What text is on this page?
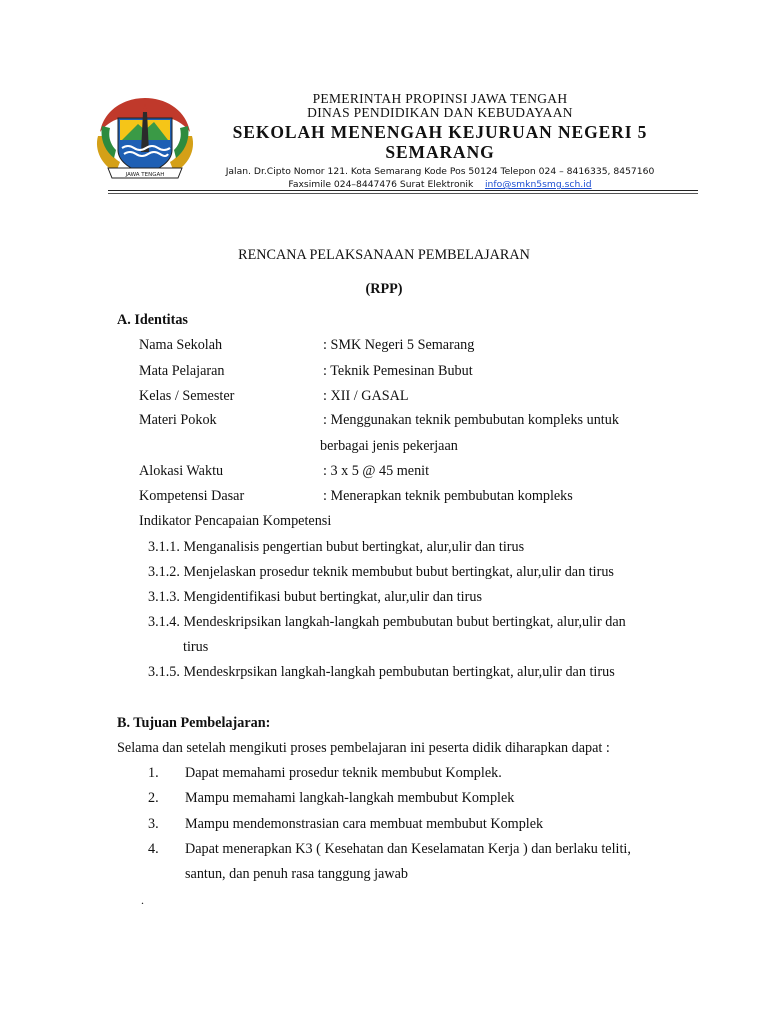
JAWA TENGAH
PEMERINTAH PROPINSI JAWA TENGAH
DINAS PENDIDIKAN DAN KEBUDAYAAN
SEKOLAH MENENGAH KEJURUAN NEGERI 5
SEMARANG
Jalan. Dr.Cipto Nomor 121. Kota Semarang Kode Pos 50124 Telepon 024 – 8416335, 8457160
Faxsimile 024–8447476 Surat Elektronik info@smkn5smg.sch.id
RENCANA PELAKSANAAN PEMBELAJARAN
(RPP)
A. Identitas
Nama Sekolah	: SMK Negeri 5 Semarang
Mata Pelajaran	: Teknik Pemesinan Bubut
Kelas / Semester	: XII / GASAL
Materi Pokok	: Menggunakan teknik pembubutan kompleks untuk
berbagai jenis pekerjaan
Alokasi Waktu	: 3 x 5 @ 45 menit
Kompetensi Dasar	: Menerapkan teknik pembubutan kompleks
Indikator Pencapaian Kompetensi
3.1.1. Menganalisis pengertian bubut bertingkat, alur,ulir dan tirus
3.1.2. Menjelaskan prosedur teknik membubut bubut bertingkat, alur,ulir dan tirus
3.1.3. Mengidentifikasi bubut bertingkat, alur,ulir dan tirus
3.1.4. Mendeskripsikan langkah-langkah pembubutan bubut bertingkat, alur,ulir dan
tirus
3.1.5. Mendeskrpsikan langkah-langkah pembubutan bertingkat, alur,ulir dan tirus
B. Tujuan Pembelajaran:
Selama dan setelah mengikuti proses pembelajaran ini peserta didik diharapkan dapat :
1. Dapat memahami prosedur teknik membubut Komplek.
2. Mampu memahami langkah-langkah membubut Komplek
3. Mampu mendemonstrasian cara membuat membubut Komplek
4. Dapat menerapkan K3 ( Kesehatan dan Keselamatan Kerja ) dan berlaku teliti,
santun, dan penuh rasa tanggung jawab
.
